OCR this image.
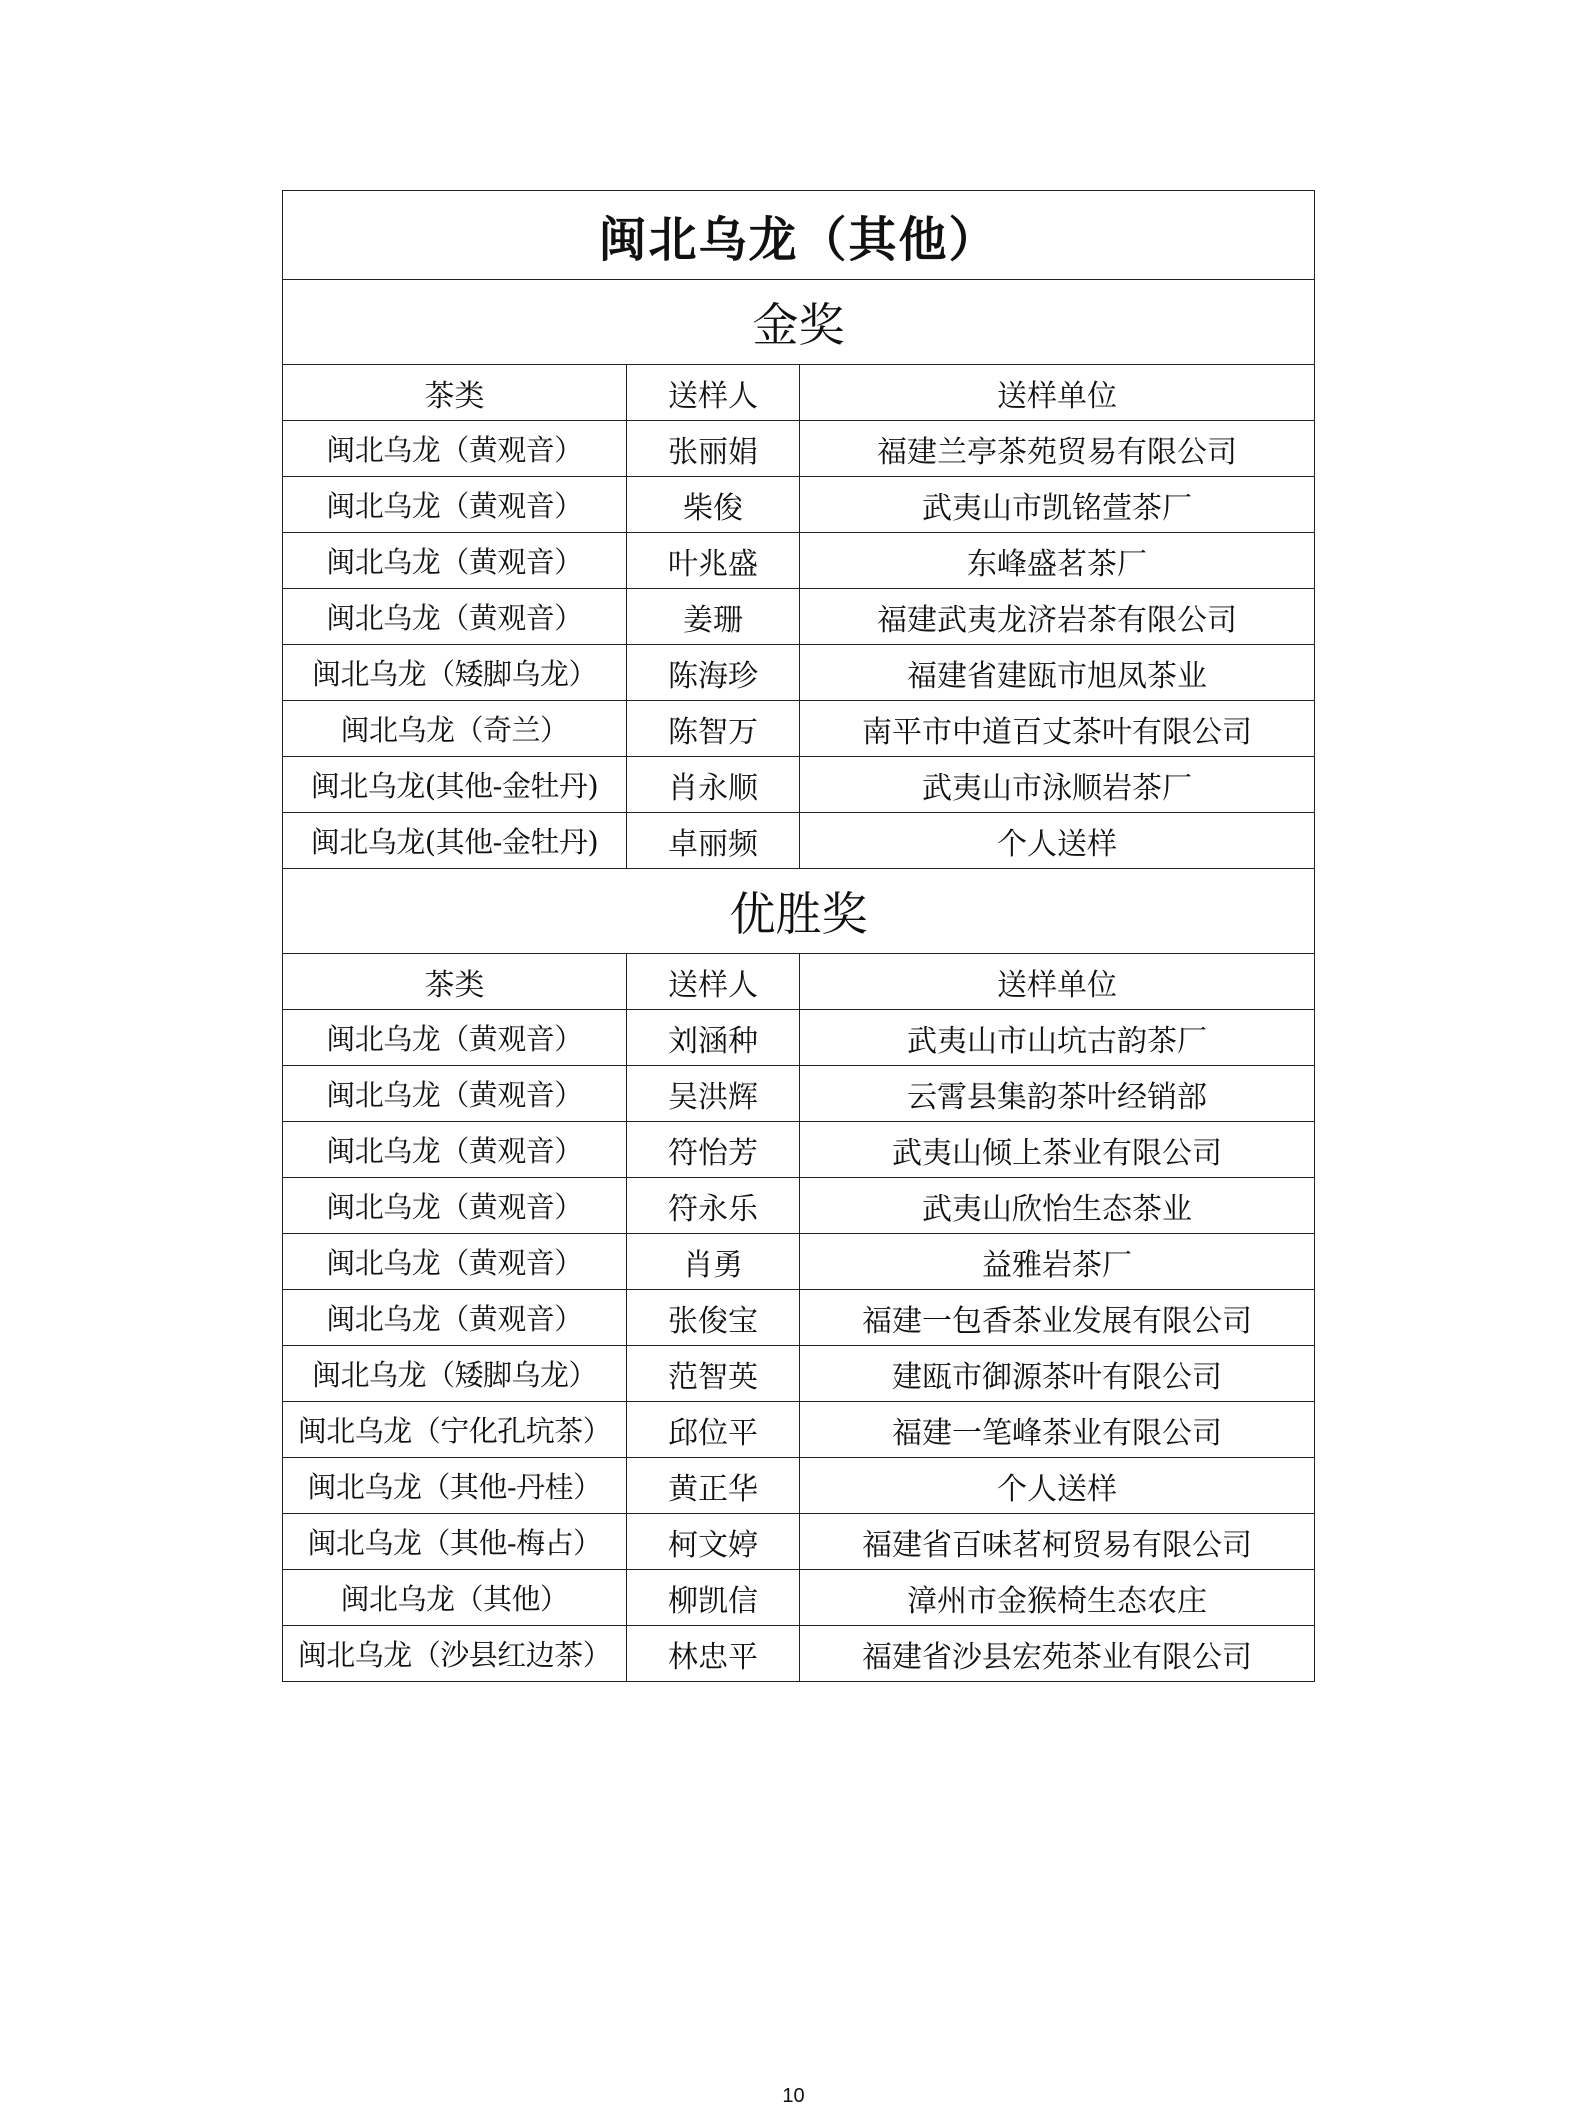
闽北乌龙（其他）		
金奖		
茶类	送样人	送样单位
闽北乌龙（黄观音）	张丽娟	福建兰亭茶苑贸易有限公司
闽北乌龙（黄观音）	柴俊	武夷山市凯铭萱茶厂
闽北乌龙（黄观音）	叶兆盛	东峰盛茗茶厂
闽北乌龙（黄观音）	姜珊	福建武夷龙济岩茶有限公司
闽北乌龙（矮脚乌龙）	陈海珍	福建省建瓯市旭凤茶业
闽北乌龙（奇兰）	陈智万	南平市中道百丈茶叶有限公司
闽北乌龙(其他-金牡丹)	肖永顺	武夷山市泳顺岩茶厂
闽北乌龙(其他-金牡丹)	卓丽频	个人送样
优胜奖		
茶类	送样人	送样单位
闽北乌龙（黄观音）	刘涵种	武夷山市山坑古韵茶厂
闽北乌龙（黄观音）	吴洪辉	云霄县集韵茶叶经销部
闽北乌龙（黄观音）	符怡芳	武夷山倾上茶业有限公司
闽北乌龙（黄观音）	符永乐	武夷山欣怡生态茶业
闽北乌龙（黄观音）	肖勇	益雅岩茶厂
闽北乌龙（黄观音）	张俊宝	福建一包香茶业发展有限公司
闽北乌龙（矮脚乌龙）	范智英	建瓯市御源茶叶有限公司
闽北乌龙（宁化孔坑茶）	邱位平	福建一笔峰茶业有限公司
闽北乌龙（其他-丹桂）	黄正华	个人送样
闽北乌龙（其他-梅占）	柯文婷	福建省百味茗柯贸易有限公司
闽北乌龙（其他）	柳凯信	漳州市金猴椅生态农庄
闽北乌龙（沙县红边茶）	林忠平	福建省沙县宏苑茶业有限公司
10
